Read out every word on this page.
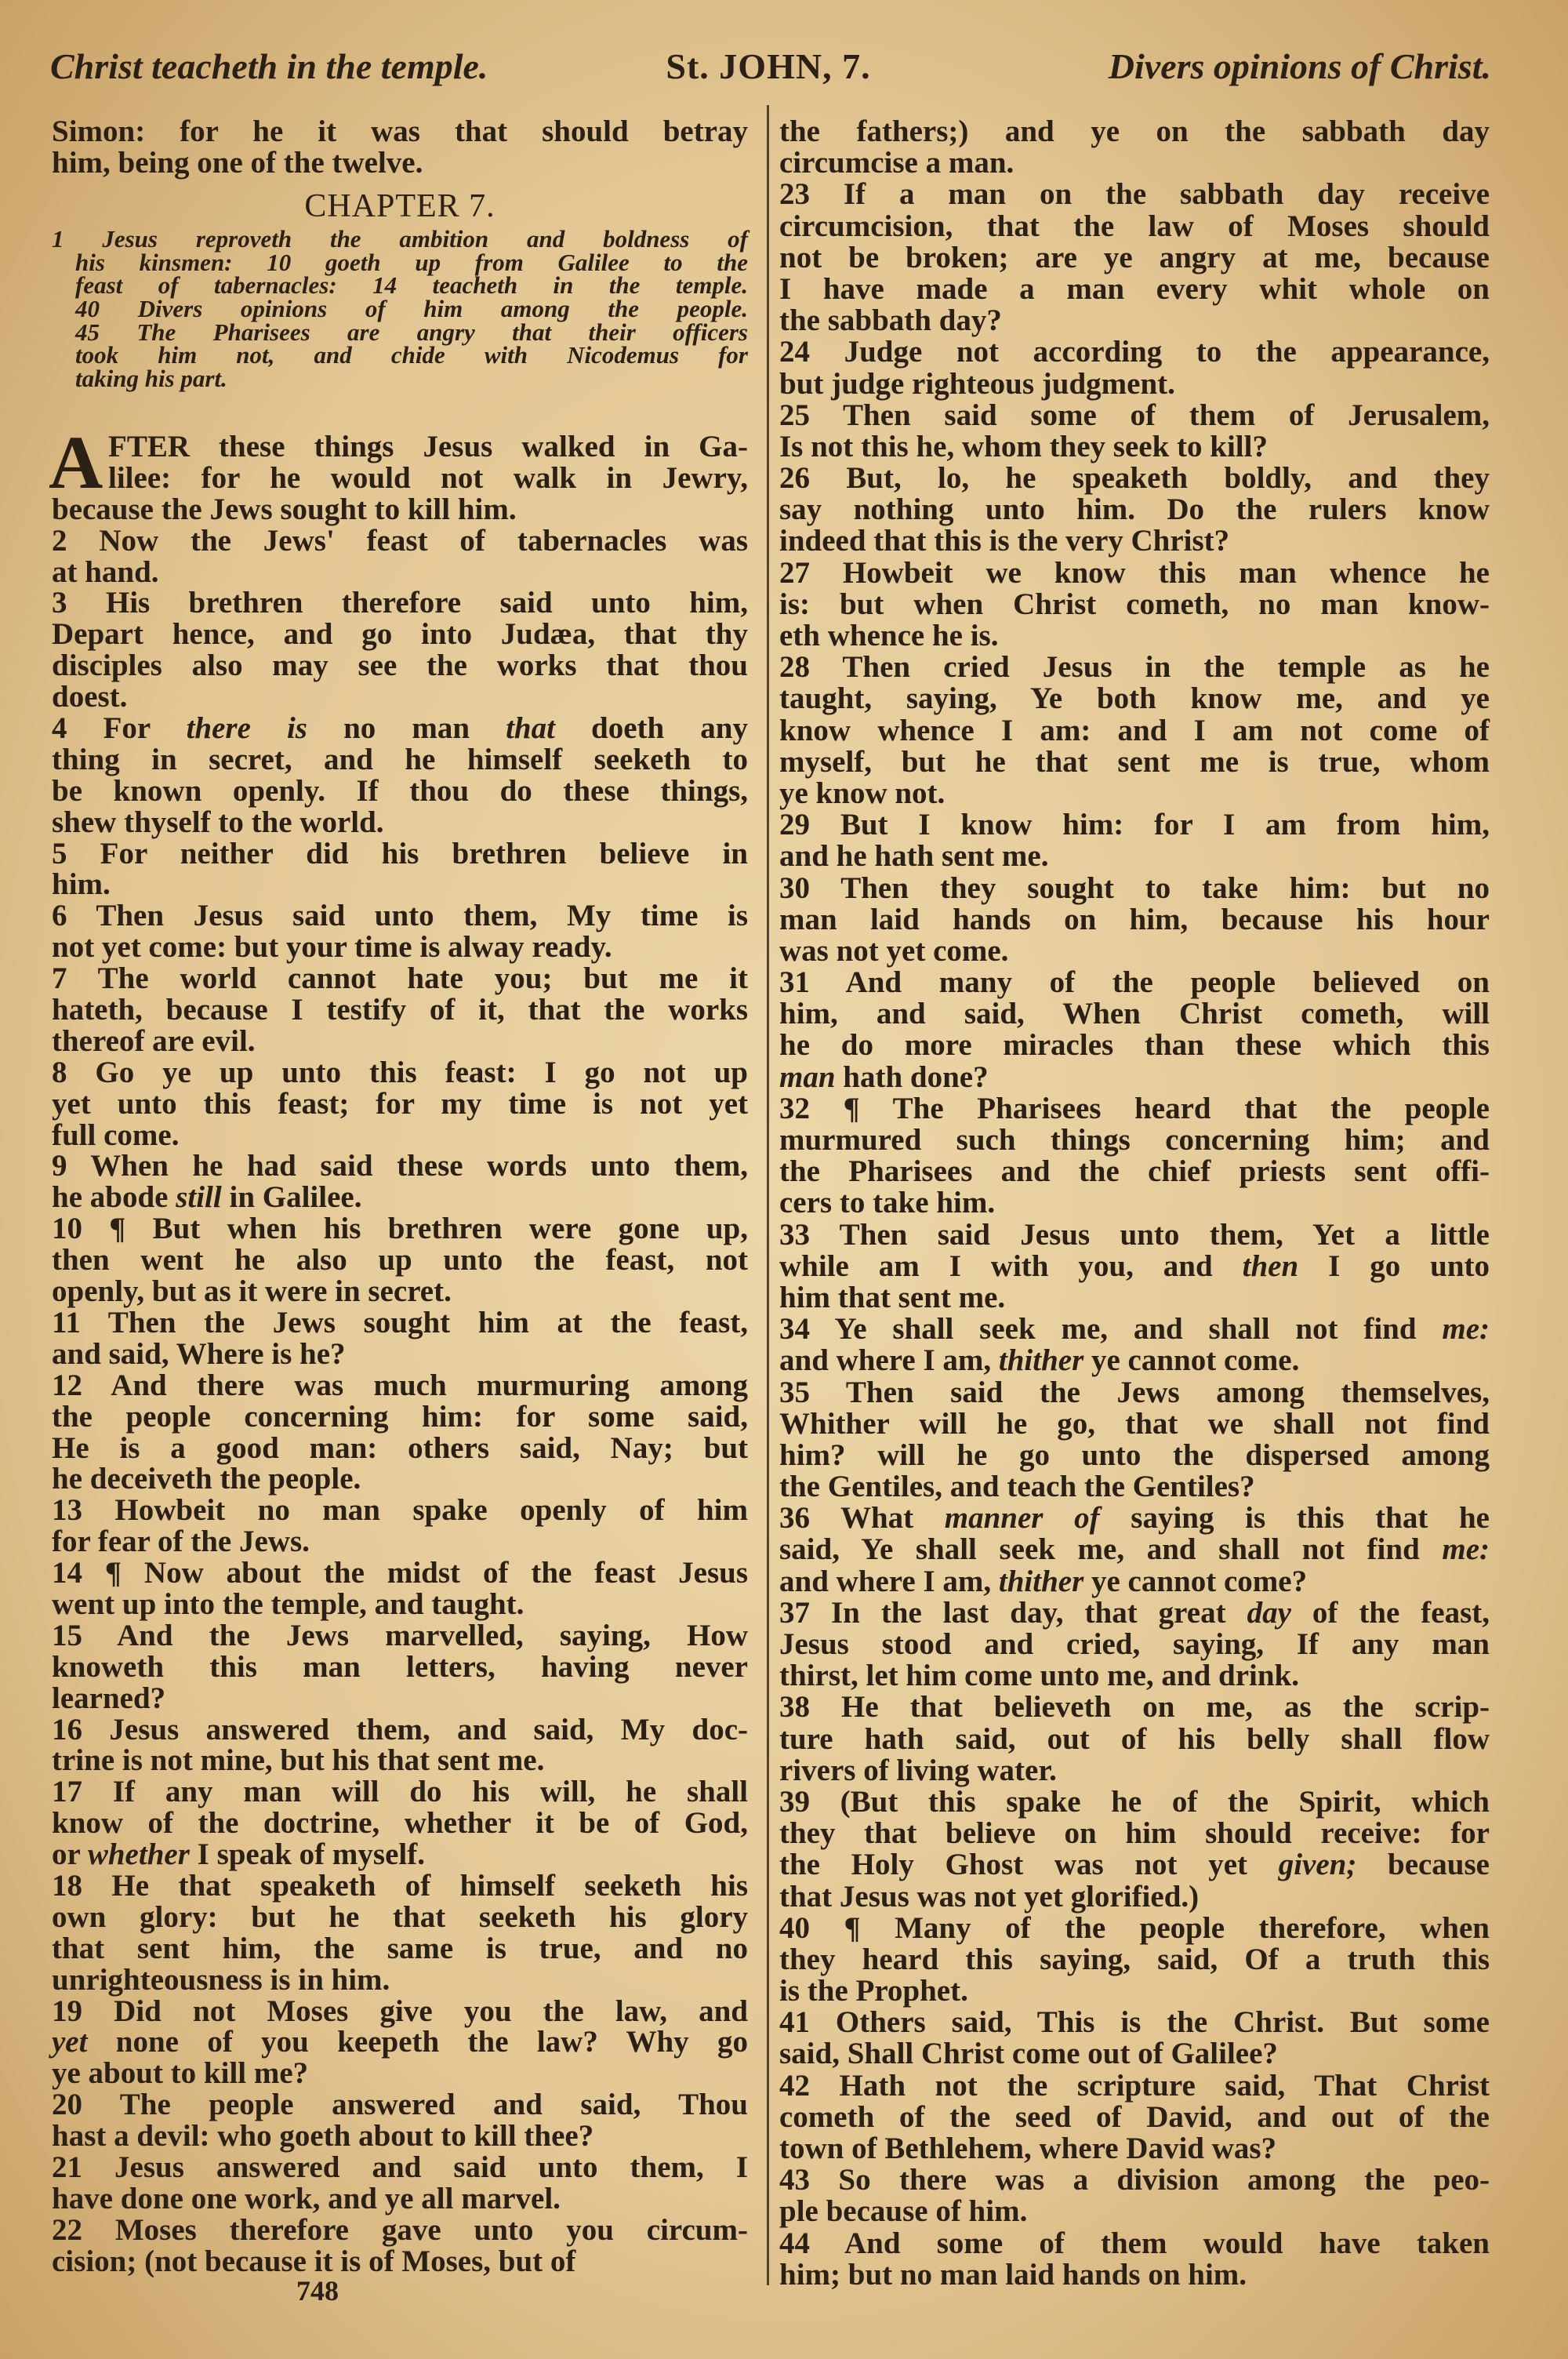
Christ teacheth in the temple.	St. JOHN, 7.	Divers opinions of Christ.
Simon: for he it was that should betray
him, being one of the twelve.
CHAPTER 7.
1 Jesus reproveth the ambition and boldness of
his kinsmen: 10 goeth up from Galilee to the
feast of tabernacles: 14 teacheth in the temple.
40 Divers opinions of him among the people.
45 The Pharisees are angry that their officers
took him not, and chide with Nicodemus for
taking his part.
A FTER these things Jesus walked in Ga-
lilee: for he would not walk in Jewry,
because the Jews sought to kill him.
2 Now the Jews' feast of tabernacles was
at hand.
3 His brethren therefore said unto him,
Depart hence, and go into Judæa, that thy
disciples also may see the works that thou
doest.
4 For there is no man that doeth any
thing in secret, and he himself seeketh to
be known openly. If thou do these things,
shew thyself to the world.
5 For neither did his brethren believe in
him.
6 Then Jesus said unto them, My time is
not yet come: but your time is alway ready.
7 The world cannot hate you; but me it
hateth, because I testify of it, that the works
thereof are evil.
8 Go ye up unto this feast: I go not up
yet unto this feast; for my time is not yet
full come.
9 When he had said these words unto them,
he abode still in Galilee.
10 ¶ But when his brethren were gone up,
then went he also up unto the feast, not
openly, but as it were in secret.
11 Then the Jews sought him at the feast,
and said, Where is he?
12 And there was much murmuring among
the people concerning him: for some said,
He is a good man: others said, Nay; but
he deceiveth the people.
13 Howbeit no man spake openly of him
for fear of the Jews.
14 ¶ Now about the midst of the feast Jesus
went up into the temple, and taught.
15 And the Jews marvelled, saying, How
knoweth this man letters, having never
learned?
16 Jesus answered them, and said, My doc-
trine is not mine, but his that sent me.
17 If any man will do his will, he shall
know of the doctrine, whether it be of God,
or whether I speak of myself.
18 He that speaketh of himself seeketh his
own glory: but he that seeketh his glory
that sent him, the same is true, and no
unrighteousness is in him.
19 Did not Moses give you the law, and
yet none of you keepeth the law? Why go
ye about to kill me?
20 The people answered and said, Thou
hast a devil: who goeth about to kill thee?
21 Jesus answered and said unto them, I
have done one work, and ye all marvel.
22 Moses therefore gave unto you circum-
cision; (not because it is of Moses, but of
the fathers;) and ye on the sabbath day
circumcise a man.
23 If a man on the sabbath day receive
circumcision, that the law of Moses should
not be broken; are ye angry at me, because
I have made a man every whit whole on
the sabbath day?
24 Judge not according to the appearance,
but judge righteous judgment.
25 Then said some of them of Jerusalem,
Is not this he, whom they seek to kill?
26 But, lo, he speaketh boldly, and they
say nothing unto him. Do the rulers know
indeed that this is the very Christ?
27 Howbeit we know this man whence he
is: but when Christ cometh, no man know-
eth whence he is.
28 Then cried Jesus in the temple as he
taught, saying, Ye both know me, and ye
know whence I am: and I am not come of
myself, but he that sent me is true, whom
ye know not.
29 But I know him: for I am from him,
and he hath sent me.
30 Then they sought to take him: but no
man laid hands on him, because his hour
was not yet come.
31 And many of the people believed on
him, and said, When Christ cometh, will
he do more miracles than these which this
man hath done?
32 ¶ The Pharisees heard that the people
murmured such things concerning him; and
the Pharisees and the chief priests sent offi-
cers to take him.
33 Then said Jesus unto them, Yet a little
while am I with you, and then I go unto
him that sent me.
34 Ye shall seek me, and shall not find me:
and where I am, thither ye cannot come.
35 Then said the Jews among themselves,
Whither will he go, that we shall not find
him? will he go unto the dispersed among
the Gentiles, and teach the Gentiles?
36 What manner of saying is this that he
said, Ye shall seek me, and shall not find me:
and where I am, thither ye cannot come?
37 In the last day, that great day of the feast,
Jesus stood and cried, saying, If any man
thirst, let him come unto me, and drink.
38 He that believeth on me, as the scrip-
ture hath said, out of his belly shall flow
rivers of living water.
39 (But this spake he of the Spirit, which
they that believe on him should receive: for
the Holy Ghost was not yet given; because
that Jesus was not yet glorified.)
40 ¶ Many of the people therefore, when
they heard this saying, said, Of a truth this
is the Prophet.
41 Others said, This is the Christ. But some
said, Shall Christ come out of Galilee?
42 Hath not the scripture said, That Christ
cometh of the seed of David, and out of the
town of Bethlehem, where David was?
43 So there was a division among the peo-
ple because of him.
44 And some of them would have taken
him; but no man laid hands on him.
748
